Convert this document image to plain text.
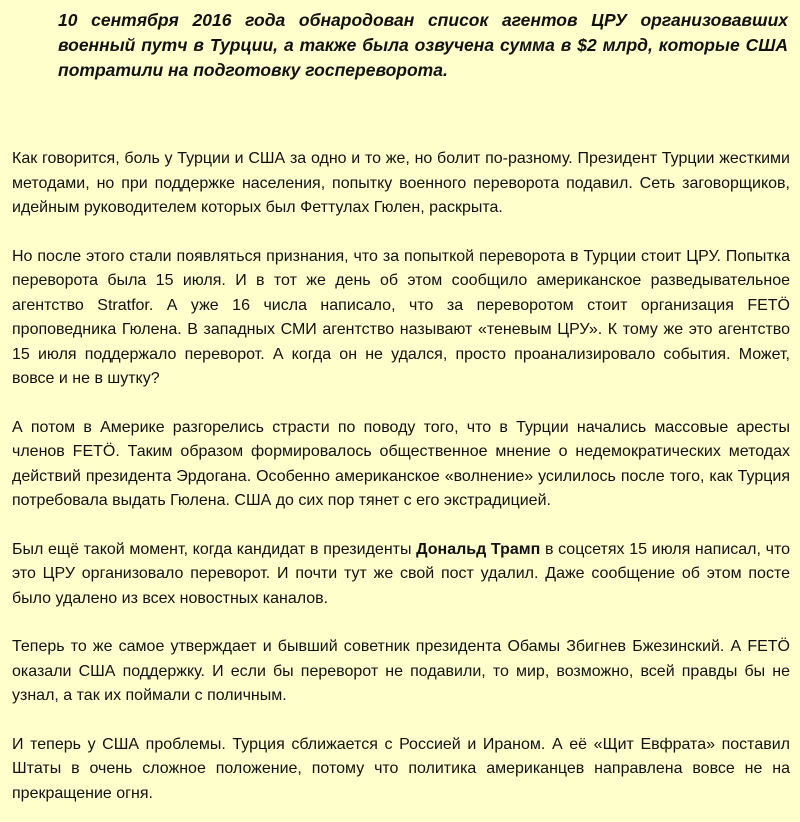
10 сентября 2016 года обнародован список агентов ЦРУ организовавших военный путч в Турции, а также была озвучена сумма в $2 млрд, которые США потратили на подготовку госпереворота.

Как говорится, боль у Турции и США за одно и то же, но болит по-разному. Президент Турции жесткими методами, но при поддержке населения, попытку военного переворота подавил. Сеть заговорщиков, идейным руководителем которых был Феттулах Гюлен, раскрыта.

Но после этого стали появляться признания, что за попыткой переворота в Турции стоит ЦРУ. Попытка переворота была 15 июля. И в тот же день об этом сообщило американское разведывательное агентство Stratfor. А уже 16 числа написало, что за переворотом стоит организация FETÖ проповедника Гюлена. В западных СМИ агентство называют «теневым ЦРУ». К тому же это агентство 15 июля поддержало переворот. А когда он не удался, просто проанализировало события. Может, вовсе и не в шутку?

А потом в Америке разгорелись страсти по поводу того, что в Турции начались массовые аресты членов FETÖ. Таким образом формировалось общественное мнение о недемократических методах действий президента Эрдогана. Особенно американское «волнение» усилилось после того, как Турция потребовала выдать Гюлена. США до сих пор тянет с его экстрадицией.

Был ещё такой момент, когда кандидат в президенты Дональд Трамп в соцсетях 15 июля написал, что это ЦРУ организовало переворот. И почти тут же свой пост удалил. Даже сообщение об этом посте было удалено из всех новостных каналов.

Теперь то же самое утверждает и бывший советник президента Обамы Збигнев Бжезинский. А FETÖ оказали США поддержку. И если бы переворот не подавили, то мир, возможно, всей правды бы не узнал, а так их поймали с поличным.

И теперь у США проблемы. Турция сближается с Россией и Ираном. А её «Щит Евфрата» поставил Штаты в очень сложное положение, потому что политика американцев направлена вовсе не на прекращение огня.
